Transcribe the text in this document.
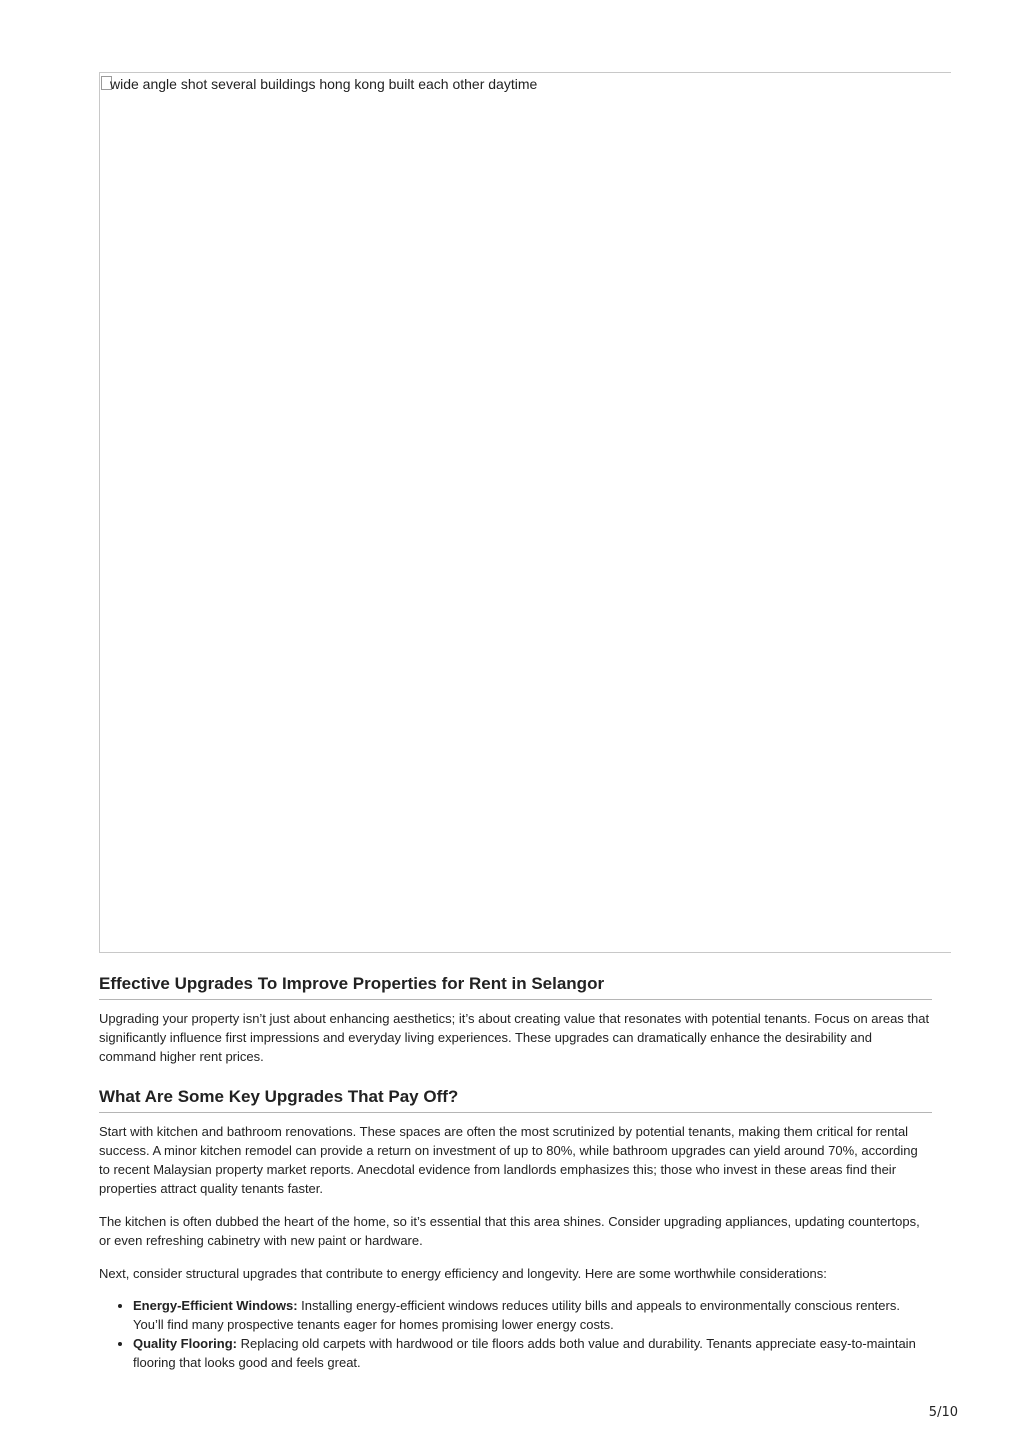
wide angle shot several buildings hong kong built each other daytime
Effective Upgrades To Improve Properties for Rent in Selangor

Upgrading your property isn’t just about enhancing aesthetics; it’s about creating value that resonates with potential tenants. Focus on areas that significantly influence first impressions and everyday living experiences. These upgrades can dramatically enhance the desirability and command higher rent prices.

What Are Some Key Upgrades That Pay Off?

Start with kitchen and bathroom renovations. These spaces are often the most scrutinized by potential tenants, making them critical for rental success. A minor kitchen remodel can provide a return on investment of up to 80%, while bathroom upgrades can yield around 70%, according to recent Malaysian property market reports. Anecdotal evidence from landlords emphasizes this; those who invest in these areas find their properties attract quality tenants faster.

The kitchen is often dubbed the heart of the home, so it’s essential that this area shines. Consider upgrading appliances, updating countertops, or even refreshing cabinetry with new paint or hardware.

Next, consider structural upgrades that contribute to energy efficiency and longevity. Here are some worthwhile considerations:

• Energy-Efficient Windows: Installing energy-efficient windows reduces utility bills and appeals to environmentally conscious renters. You’ll find many prospective tenants eager for homes promising lower energy costs.
• Quality Flooring: Replacing old carpets with hardwood or tile floors adds both value and durability. Tenants appreciate easy-to-maintain flooring that looks good and feels great.
5/10
